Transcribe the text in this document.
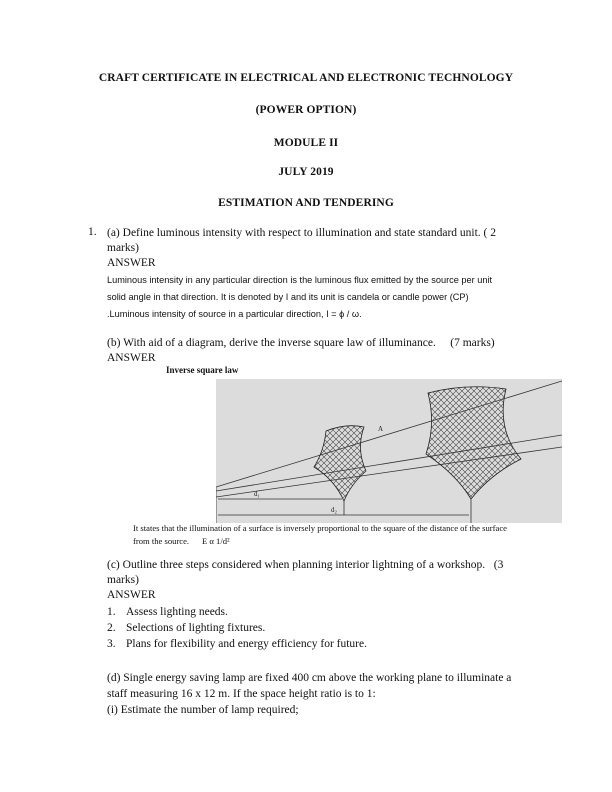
CRAFT CERTIFICATE IN ELECTRICAL AND ELECTRONIC TECHNOLOGY
(POWER OPTION)
MODULE II
JULY 2019
ESTIMATION AND TENDERING
1. (a) Define luminous intensity with respect to illumination and state standard unit. ( 2
marks)
ANSWER
Luminous intensity in any particular direction is the luminous flux emitted by the source per unit
solid angle in that direction. It is denoted by I and its unit is candela or candle power (CP)
.Luminous intensity of source in a particular direction, I = ϕ / ω.
(b) With aid of a diagram, derive the inverse square law of illuminance.     (7 marks)
ANSWER
Inverse square law
A
d₁
d₂
It states that the illumination of a surface is inversely proportional to the square of the distance of the surface
from the source.      E α 1/d²
(c) Outline three steps considered when planning interior lightning of a workshop.   (3
marks)
ANSWER
1. Assess lighting needs.
2. Selections of lighting fixtures.
3. Plans for flexibility and energy efficiency for future.
(d) Single energy saving lamp are fixed 400 cm above the working plane to illuminate a
staff measuring 16 x 12 m. If the space height ratio is to 1:
(i) Estimate the number of lamp required;
